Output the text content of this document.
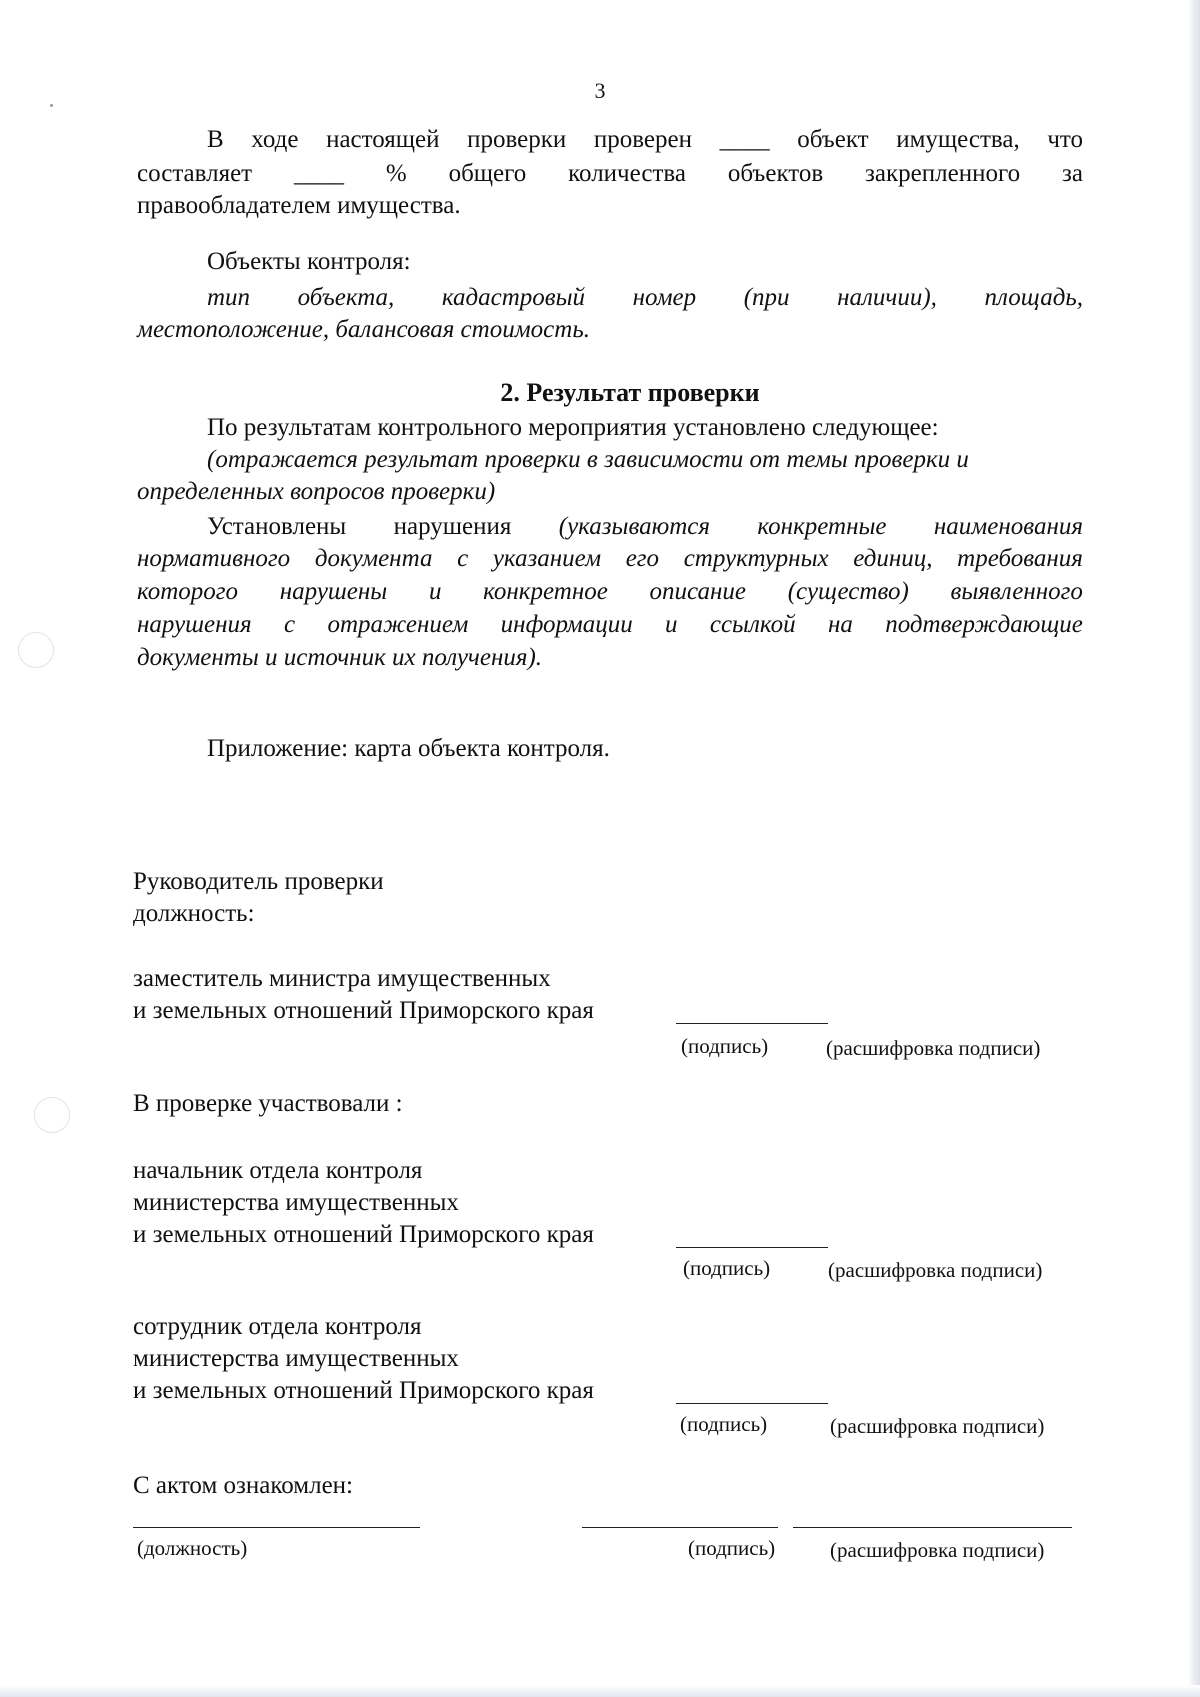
3
В ходе настоящей проверки проверен ____ объект имущества, что
составляет ____ % общего количества объектов закрепленного за
правообладателем имущества.
Объекты контроля:
тип объекта, кадастровый номер (при наличии), площадь,
местоположение, балансовая стоимость.
2. Результат проверки
По результатам контрольного мероприятия установлено следующее:
(отражается результат проверки в зависимости от темы проверки и
определенных вопросов проверки)
Установлены нарушения (указываются конкретные наименования
нормативного документа с указанием его структурных единиц, требования
которого нарушены и конкретное описание (существо) выявленного
нарушения с отражением информации и ссылкой на подтверждающие
документы и источник их получения).
Приложение: карта объекта контроля.
Руководитель проверки
должность:
заместитель министра имущественных
и земельных отношений Приморского края
(подпись)	(расшифровка подписи)
В проверке участвовали :
начальник отдела контроля
министерства имущественных
и земельных отношений Приморского края
(подпись)	(расшифровка подписи)
сотрудник отдела контроля
министерства имущественных
и земельных отношений Приморского края
(подпись)	(расшифровка подписи)
С актом ознакомлен:
(должность)	(подпись)	(расшифровка подписи)
